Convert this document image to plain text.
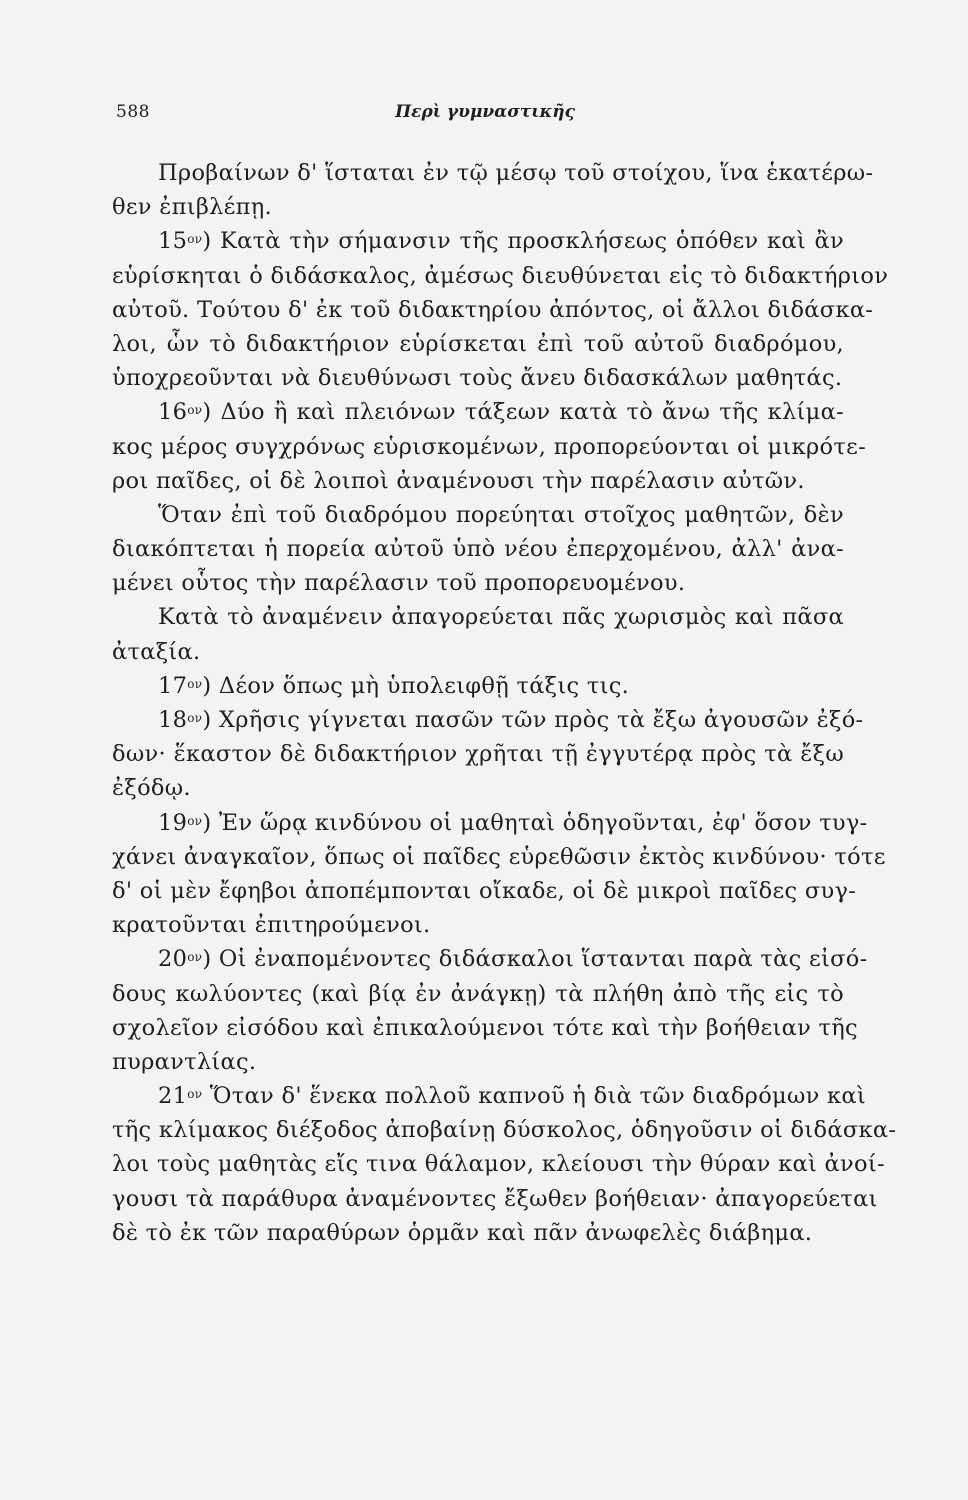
588	Περὶ γυμναστικῆς
Προβαίνων δ' ἵσταται ἐν τῷ μέσῳ τοῦ στοίχου, ἵνα ἑκατέρω-
θεν ἐπιβλέπῃ.
$15^{o\nu}$) Κατὰ τὴν σήμανσιν τῆς προσκλήσεως ὁπόθεν καὶ ἂν
εὑρίσκηται ὁ διδάσκαλος, ἀμέσως διευθύνεται εἰς τὸ διδακτήριον
αὐτοῦ. Τούτου δ' ἐκ τοῦ διδακτηρίου ἀπόντος, οἱ ἄλλοι διδάσκα-
λοι, ὧν τὸ διδακτήριον εὑρίσκεται ἐπὶ τοῦ αὐτοῦ διαδρόμου,
ὑποχρεοῦνται νὰ διευθύνωσι τοὺς ἄνευ διδασκάλων μαθητάς.
$16^{o\nu}$) Δύο ἢ καὶ πλειόνων τάξεων κατὰ τὸ ἄνω τῆς κλίμα-
κος μέρος συγχρόνως εὑρισκομένων, προπορεύονται οἱ μικρότε-
ροι παῖδες, οἱ δὲ λοιποὶ ἀναμένουσι τὴν παρέλασιν αὐτῶν.
Ὅταν ἐπὶ τοῦ διαδρόμου πορεύηται στοῖχος μαθητῶν, δὲν
διακόπτεται ἡ πορεία αὐτοῦ ὑπὸ νέου ἐπερχομένου, ἀλλ' ἀνα-
μένει οὗτος τὴν παρέλασιν τοῦ προπορευομένου.
Κατὰ τὸ ἀναμένειν ἀπαγορεύεται πᾶς χωρισμὸς καὶ πᾶσα
ἀταξία.
$17^{o\nu}$) Δέον ὅπως μὴ ὑπολειφθῇ τάξις τις.
$18^{o\nu}$) Χρῆσις γίγνεται πασῶν τῶν πρὸς τὰ ἔξω ἀγουσῶν ἐξό-
δων· ἕκαστον δὲ διδακτήριον χρῆται τῇ ἐγγυτέρᾳ πρὸς τὰ ἔξω
ἐξόδῳ.
$19^{o\nu}$) Ἐν ὥρᾳ κινδύνου οἱ μαθηταὶ ὁδηγοῦνται, ἐφ' ὅσον τυγ-
χάνει ἀναγκαῖον, ὅπως οἱ παῖδες εὑρεθῶσιν ἐκτὸς κινδύνου· τότε
δ' οἱ μὲν ἔφηβοι ἀποπέμπονται οἴκαδε, οἱ δὲ μικροὶ παῖδες συγ-
κρατοῦνται ἐπιτηρούμενοι.
$20^{o\nu}$) Οἱ ἐναπομένοντες διδάσκαλοι ἵστανται παρὰ τὰς εἰσό-
δους κωλύοντες (καὶ βίᾳ ἐν ἀνάγκῃ) τὰ πλήθη ἀπὸ τῆς εἰς τὸ
σχολεῖον εἰσόδου καὶ ἐπικαλούμενοι τότε καὶ τὴν βοήθειαν τῆς
πυραντλίας.
$21^{o\nu}$ Ὅταν δ' ἕνεκα πολλοῦ καπνοῦ ἡ διὰ τῶν διαδρόμων καὶ
τῆς κλίμακος διέξοδος ἀποβαίνῃ δύσκολος, ὁδηγοῦσιν οἱ διδάσκα-
λοι τοὺς μαθητὰς εἴς τινα θάλαμον, κλείουσι τὴν θύραν καὶ ἀνοί-
γουσι τὰ παράθυρα ἀναμένοντες ἔξωθεν βοήθειαν· ἀπαγορεύεται
δὲ τὸ ἐκ τῶν παραθύρων ὁρμᾶν καὶ πᾶν ἀνωφελὲς διάβημα.
